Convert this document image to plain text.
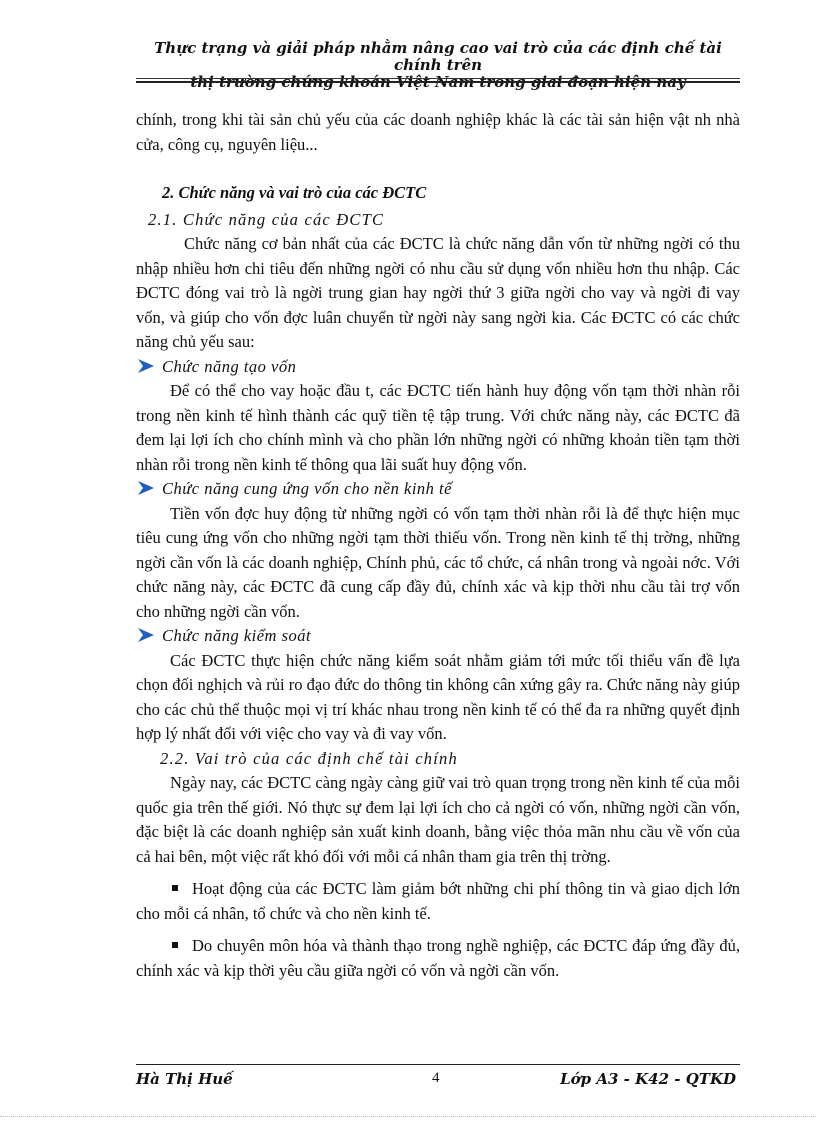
Thực trạng và giải pháp nhằm nâng cao vai trò của các định chế tài chính trên
thị trường chứng khoán Việt Nam trong giai đoạn hiện nay

chính, trong khi tài sản chủ yếu của các doanh nghiệp khác là các tài sản hiện vật nh nhà cửa, công cụ, nguyên liệu...

2. Chức năng và vai trò của các ĐCTC
2.1. Chức năng của các ĐCTC

Chức năng cơ bản nhất của các ĐCTC là chức năng dẫn vốn từ những ngời có thu nhập nhiều hơn chi tiêu đến những ngời có nhu cầu sử dụng vốn nhiều hơn thu nhập. Các ĐCTC đóng vai trò là ngời trung gian hay ngời thứ 3 giữa ngời cho vay và ngời đi vay vốn, và giúp cho vốn đợc luân chuyển từ ngời này sang ngời kia. Các ĐCTC có các chức năng chủ yếu sau:

Chức năng tạo vốn

Để có thể cho vay hoặc đầu t, các ĐCTC tiến hành huy động vốn tạm thời nhàn rỗi trong nền kinh tế hình thành các quỹ tiền tệ tập trung. Với chức năng này, các ĐCTC đã đem lại lợi ích cho chính mình và cho phần lớn những ngời có những khoản tiền tạm thời nhàn rỗi trong nền kinh tế thông qua lãi suất huy động vốn.

Chức năng cung ứng vốn cho nền kinh tế

Tiền vốn đợc huy động từ những ngời có vốn tạm thời nhàn rỗi là để thực hiện mục tiêu cung ứng vốn cho những ngời tạm thời thiếu vốn. Trong nền kinh tế thị trờng, những ngời cần vốn là các doanh nghiệp, Chính phủ, các tổ chức, cá nhân trong và ngoài nớc. Với chức năng này, các ĐCTC đã cung cấp đầy đủ, chính xác và kịp thời nhu cầu tài trợ vốn cho những ngời cần vốn.

Chức năng kiểm soát

Các ĐCTC thực hiện chức năng kiểm soát nhằm giảm tới mức tối thiểu vấn đề lựa chọn đối nghịch và rủi ro đạo đức do thông tin không cân xứng gây ra. Chức năng này giúp cho các chủ thể thuộc mọi vị trí khác nhau trong nền kinh tế có thể đa ra những quyết định hợp lý nhất đối với việc cho vay và đi vay vốn.

2.2. Vai trò của các định chế tài chính

Ngày nay, các ĐCTC càng ngày càng giữ vai trò quan trọng trong nền kinh tế của mỗi quốc gia trên thế giới. Nó thực sự đem lại lợi ích cho cả ngời có vốn, những ngời cần vốn, đặc biệt là các doanh nghiệp sản xuất kinh doanh, bằng việc thỏa mãn nhu cầu về vốn của cả hai bên, một việc rất khó đối với mỗi cá nhân tham gia trên thị trờng.

Hoạt động của các ĐCTC làm giảm bớt những chi phí thông tin và giao dịch lớn cho mỗi cá nhân, tổ chức và cho nền kinh tế.

Do chuyên môn hóa và thành thạo trong nghề nghiệp, các ĐCTC đáp ứng đầy đủ, chính xác và kịp thời yêu cầu giữa ngời có vốn và ngời cần vốn.

Hà Thị Huế	4	Lớp A3 - K42 - QTKD
